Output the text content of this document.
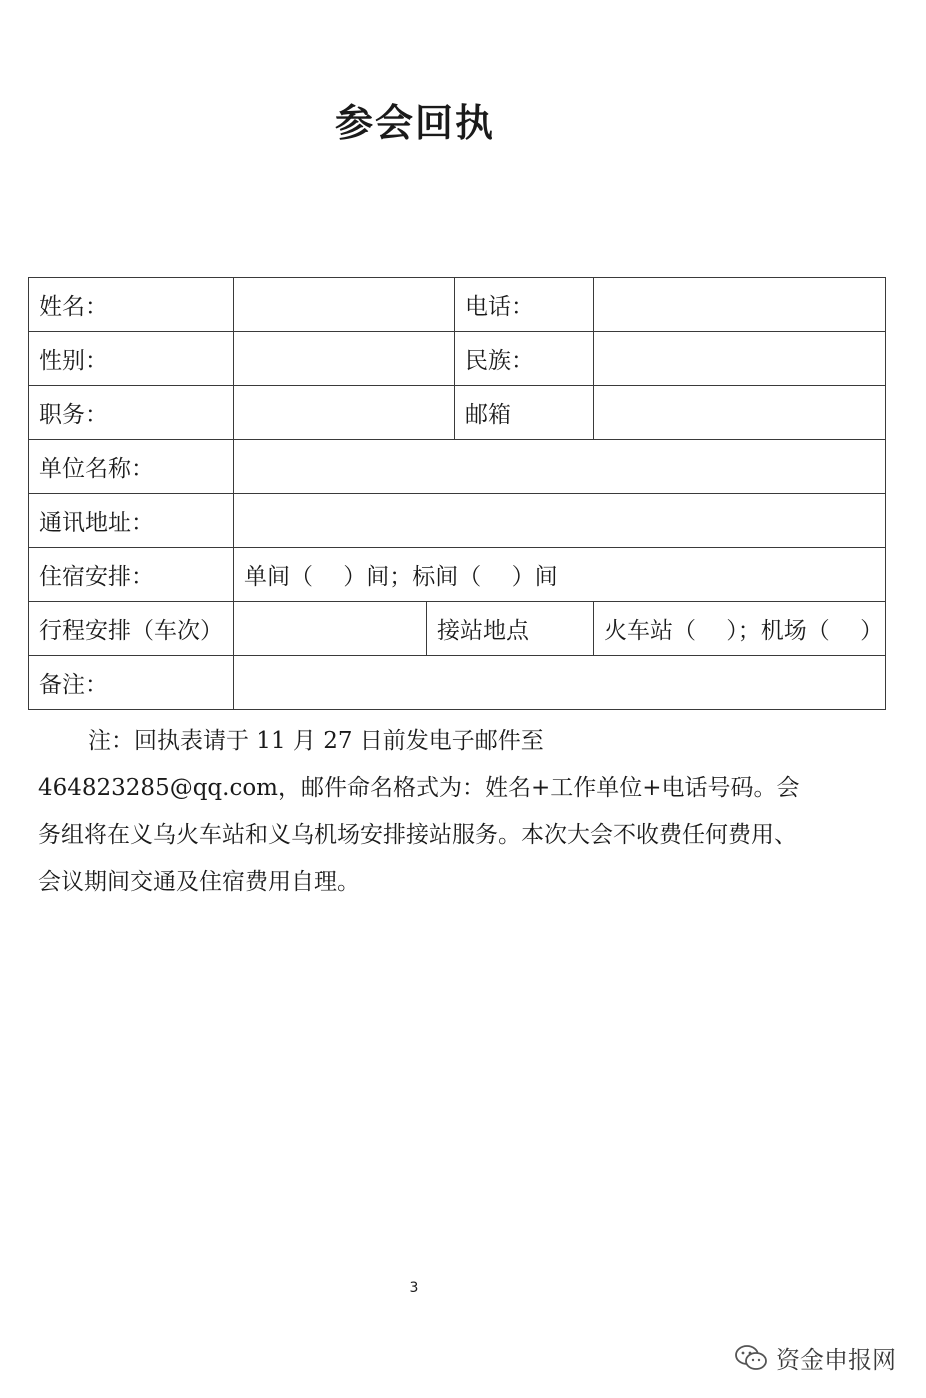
参会回执
姓名：			电话：	
性别：			民族：	
职务：			邮箱	
单位名称：				
通讯地址：				
住宿安排：	单间（　 ）间；标间（　 ）间			
行程安排（车次）		接站地点		火车站（　 ）；机场（　 ）
备注：				

注：回执表请于 11 月 27 日前发电子邮件至 464823285@qq.com，邮件命名格式为：姓名+工作单位+电话号码。会务组将在义乌火车站和义乌机场安排接站服务。本次大会不收费任何费用、会议期间交通及住宿费用自理。

3
资金申报网
